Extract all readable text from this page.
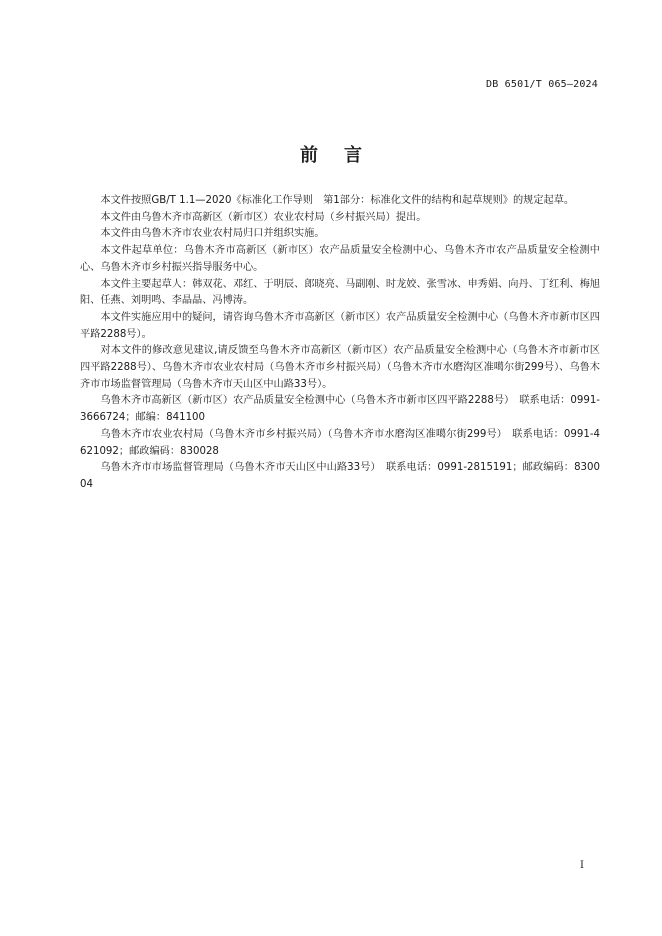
DB 6501/T 065—2024
前言

本文件按照GB/T 1.1—2020《标准化工作导则　第1部分：标准化文件的结构和起草规则》的规定起草。

本文件由乌鲁木齐市高新区（新市区）农业农村局（乡村振兴局）提出。

本文件由乌鲁木齐市农业农村局归口并组织实施。

本文件起草单位：乌鲁木齐市高新区（新市区）农产品质量安全检测中心、乌鲁木齐市农产品质量安全检测中心、乌鲁木齐市乡村振兴指导服务中心。

本文件主要起草人：韩双花、邓红、于明辰、郎晓亮、马副刚、时龙姣、张雪冰、申秀娟、向丹、丁红利、梅旭阳、任燕、刘明鸣、李晶晶、冯博涛。

本文件实施应用中的疑问，请咨询乌鲁木齐市高新区（新市区）农产品质量安全检测中心（乌鲁木齐市新市区四平路2288号）。

对本文件的修改意见建议,请反馈至乌鲁木齐市高新区（新市区）农产品质量安全检测中心（乌鲁木齐市新市区四平路2288号）、乌鲁木齐市农业农村局（乌鲁木齐市乡村振兴局）（乌鲁木齐市水磨沟区准噶尔街299号）、乌鲁木齐市市场监督管理局（乌鲁木齐市天山区中山路33号）。

乌鲁木齐市高新区（新市区）农产品质量安全检测中心（乌鲁木齐市新市区四平路2288号）　联系电话：0991-3666724；邮编：841100

乌鲁木齐市农业农村局（乌鲁木齐市乡村振兴局）（乌鲁木齐市水磨沟区准噶尔街299号）　联系电话：0991-4621092；邮政编码：830028

乌鲁木齐市市场监督管理局（乌鲁木齐市天山区中山路33号）　联系电话：0991-2815191；邮政编码：830004

I
